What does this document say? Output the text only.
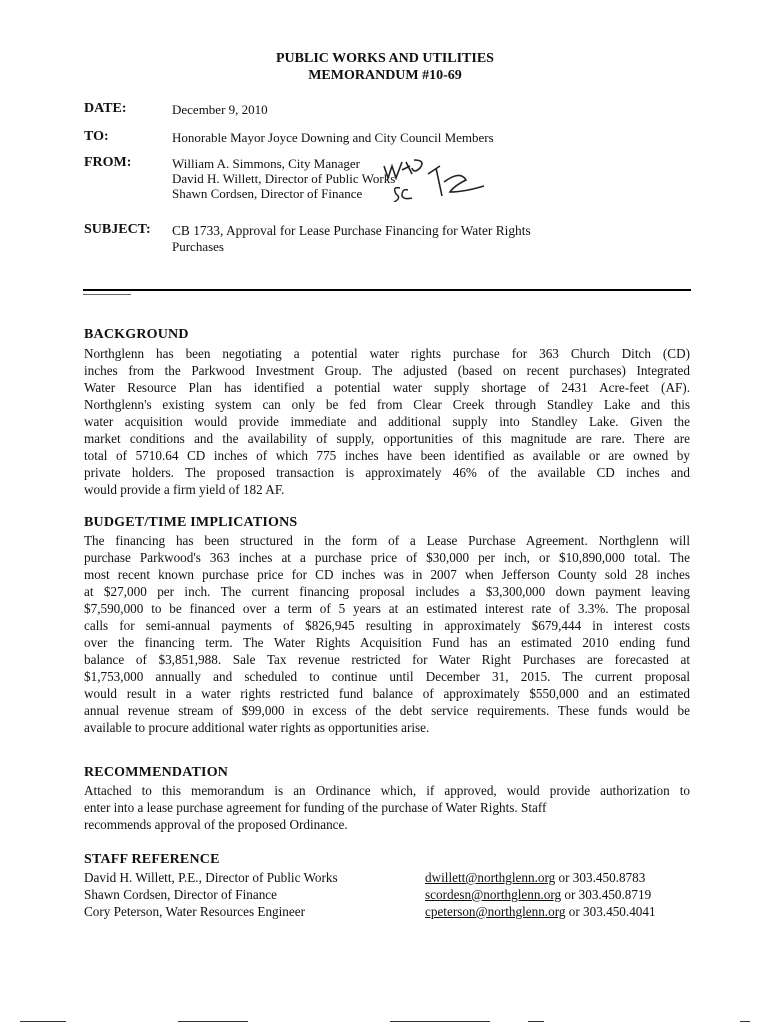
PUBLIC WORKS AND UTILITIES
MEMORANDUM #10-69
DATE:	December 9, 2010
TO:	Honorable Mayor Joyce Downing and City Council Members
FROM:	William A. Simmons, City Manager
David H. Willett, Director of Public Works
Shawn Cordsen, Director of Finance
SUBJECT: CB 1733, Approval for Lease Purchase Financing for Water Rights
Purchases
BACKGROUND
Northglenn has been negotiating a potential water rights purchase for 363 Church Ditch (CD)
inches from the Parkwood Investment Group. The adjusted (based on recent purchases) Integrated
Water Resource Plan has identified a potential water supply shortage of 2431 Acre-feet (AF).
Northglenn's existing system can only be fed from Clear Creek through Standley Lake and this
water acquisition would provide immediate and additional supply into Standley Lake. Given the
market conditions and the availability of supply, opportunities of this magnitude are rare. There are
total of 5710.64 CD inches of which 775 inches have been identified as available or are owned by
private holders. The proposed transaction is approximately 46% of the available CD inches and
would provide a firm yield of 182 AF.
BUDGET/TIME IMPLICATIONS
The financing has been structured in the form of a Lease Purchase Agreement. Northglenn will
purchase Parkwood's 363 inches at a purchase price of $30,000 per inch, or $10,890,000 total. The
most recent known purchase price for CD inches was in 2007 when Jefferson County sold 28 inches
at $27,000 per inch. The current financing proposal includes a $3,300,000 down payment leaving
$7,590,000 to be financed over a term of 5 years at an estimated interest rate of 3.3%. The proposal
calls for semi-annual payments of $826,945 resulting in approximately $679,444 in interest costs
over the financing term. The Water Rights Acquisition Fund has an estimated 2010 ending fund
balance of $3,851,988. Sale Tax revenue restricted for Water Right Purchases are forecasted at
$1,753,000 annually and scheduled to continue until December 31, 2015. The current proposal
would result in a water rights restricted fund balance of approximately $550,000 and an estimated
annual revenue stream of $99,000 in excess of the debt service requirements. These funds would be
available to procure additional water rights as opportunities arise.
RECOMMENDATION
Attached to this memorandum is an Ordinance which, if approved, would provide authorization to
enter into a lease purchase agreement for funding of the purchase of Water Rights. Staff
recommends approval of the proposed Ordinance.
STAFF REFERENCE
David H. Willett, P.E., Director of Public Works	dwillett@northglenn.org or 303.450.8783
Shawn Cordsen, Director of Finance	scordesn@northglenn.org or 303.450.8719
Cory Peterson, Water Resources Engineer	cpeterson@northglenn.org or 303.450.4041
